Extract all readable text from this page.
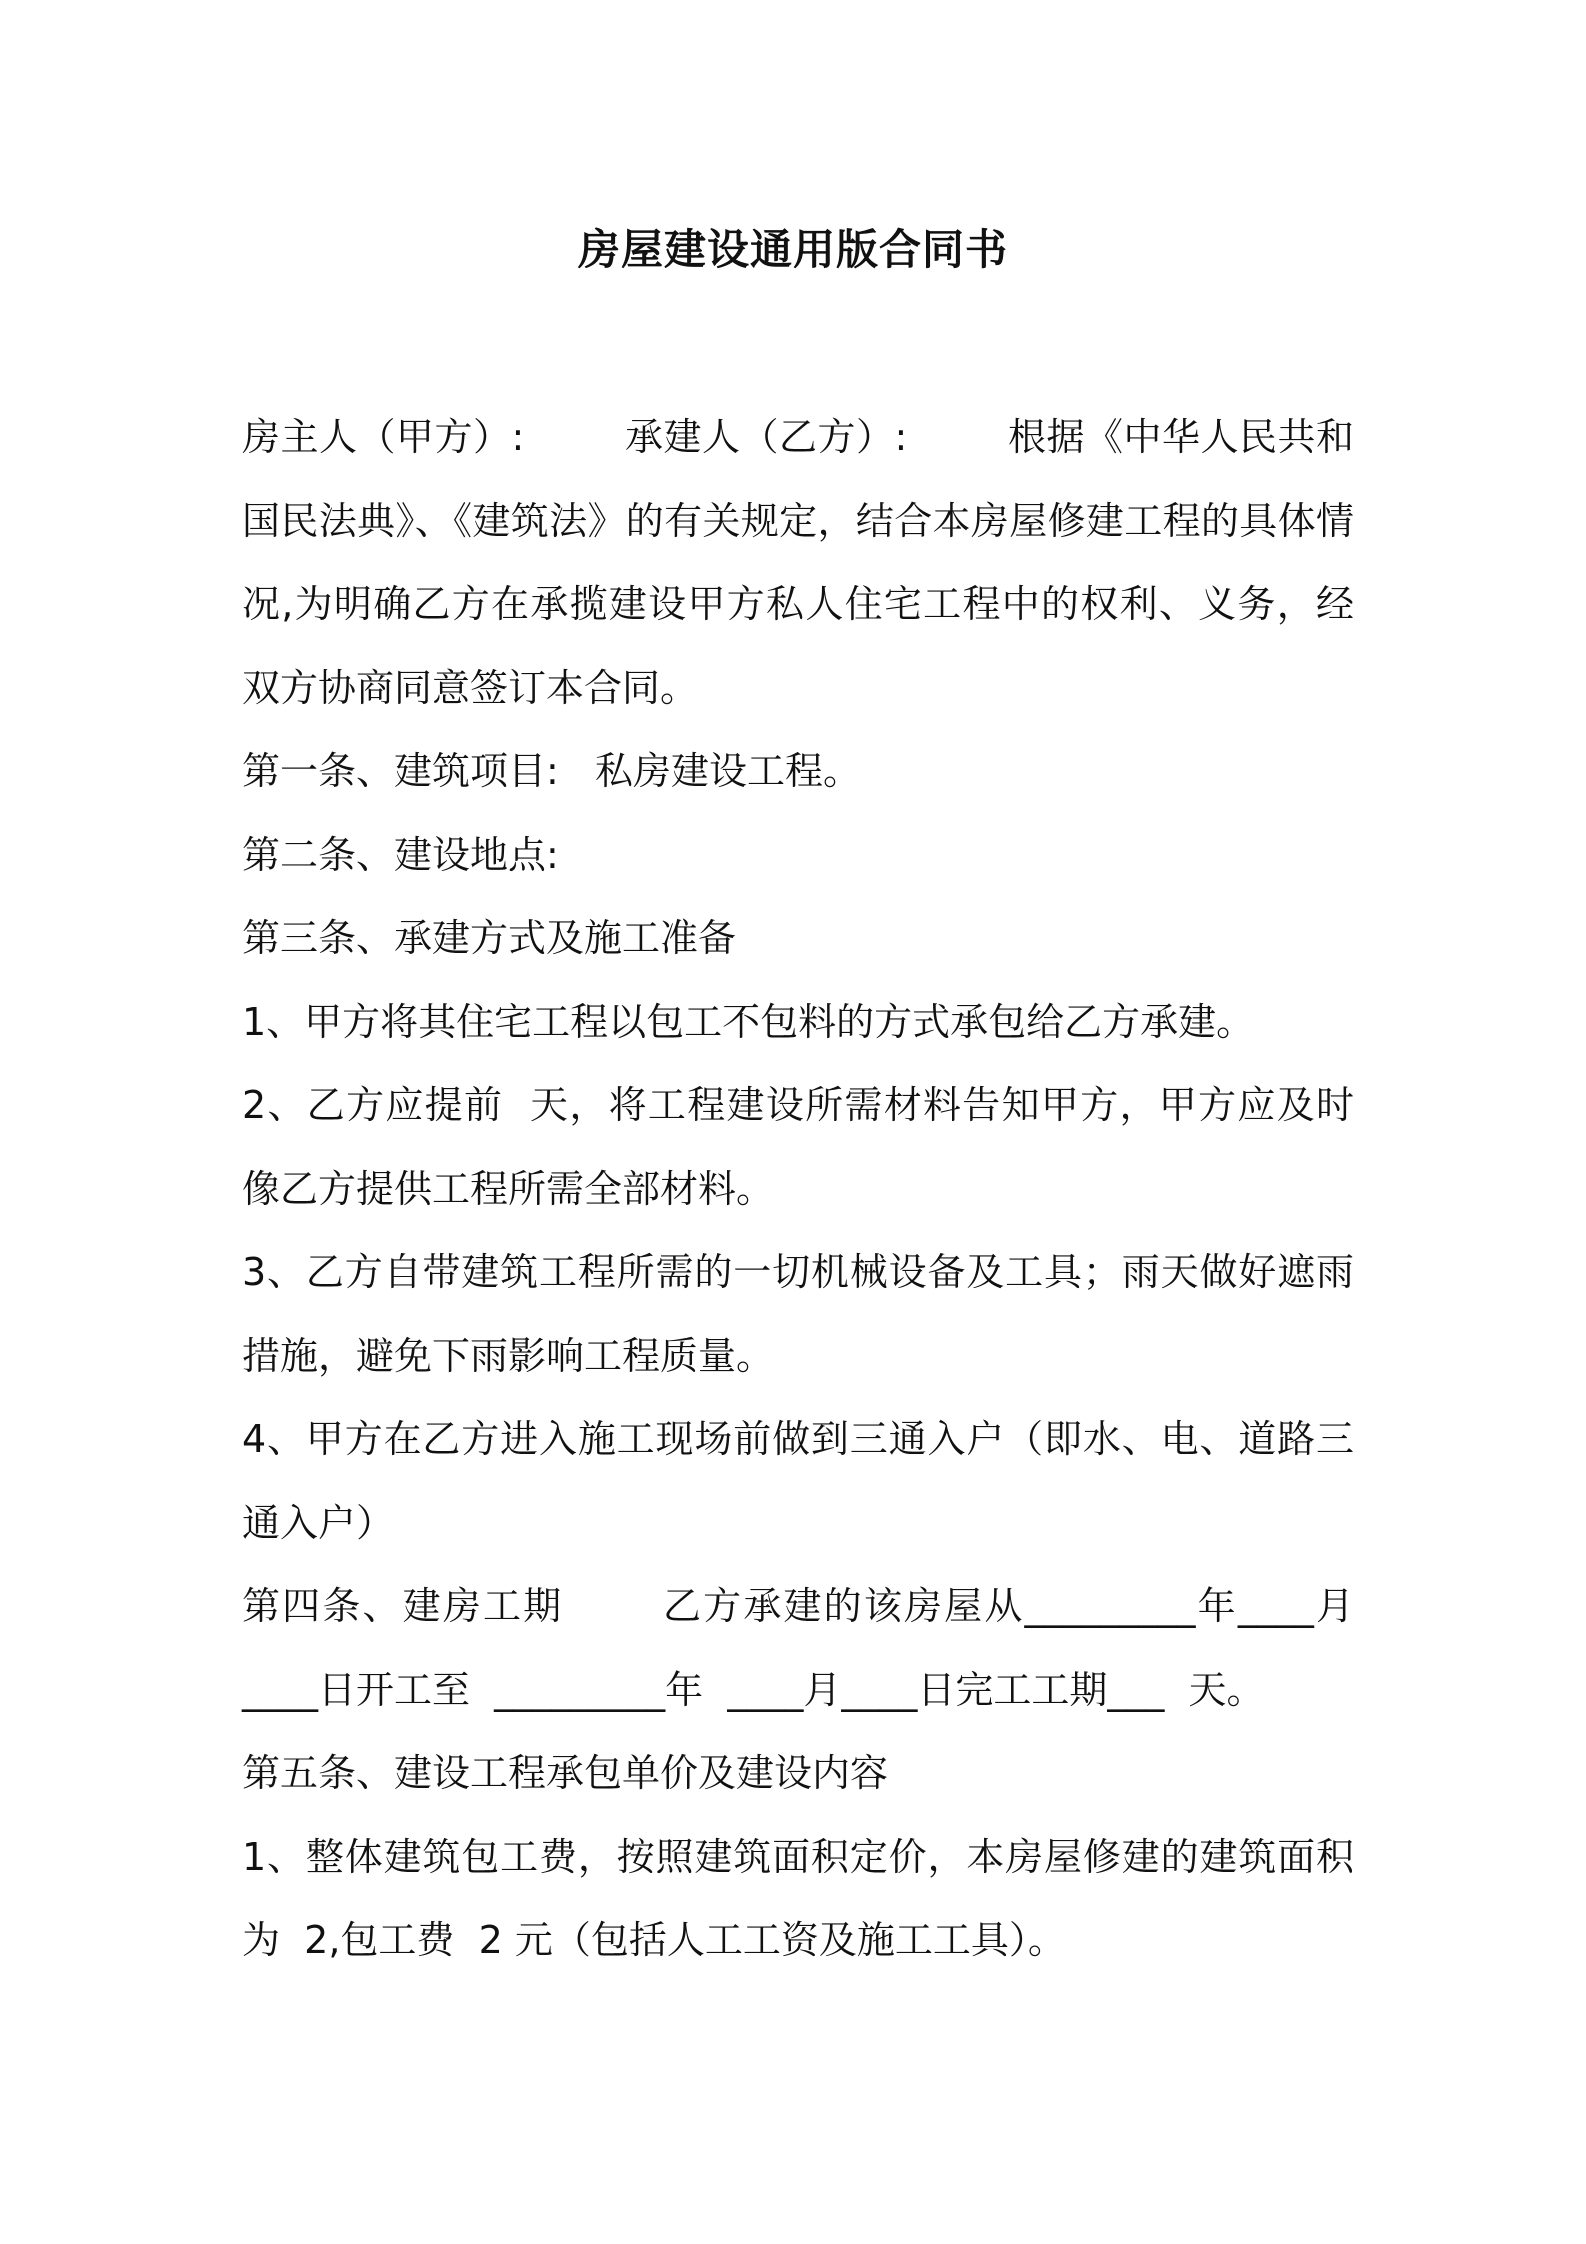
房屋建设通用版合同书

房主人（甲方）:        承建人（乙方）:        根据《中华人民共和国民法典》、《建筑法》的有关规定，结合本房屋修建工程的具体情况,为明确乙方在承揽建设甲方私人住宅工程中的权利、义务，经双方协商同意签订本合同。

第一条、建筑项目:   私房建设工程。

第二条、建设地点:

第三条、承建方式及施工准备

1、甲方将其住宅工程以包工不包料的方式承包给乙方承建。

2、乙方应提前  天，将工程建设所需材料告知甲方，甲方应及时像乙方提供工程所需全部材料。

3、乙方自带建筑工程所需的一切机械设备及工具；雨天做好遮雨措施，避免下雨影响工程质量。

4、甲方在乙方进入施工现场前做到三通入户（即水、电、道路三通入户）

第四条、建房工期       乙方承建的该房屋从_________年____月____日开工至  _________年  ____月____日完工工期___  天。

第五条、建设工程承包单价及建设内容

1、整体建筑包工费，按照建筑面积定价，本房屋修建的建筑面积为  2,包工费  2 元（包括人工工资及施工工具）。
